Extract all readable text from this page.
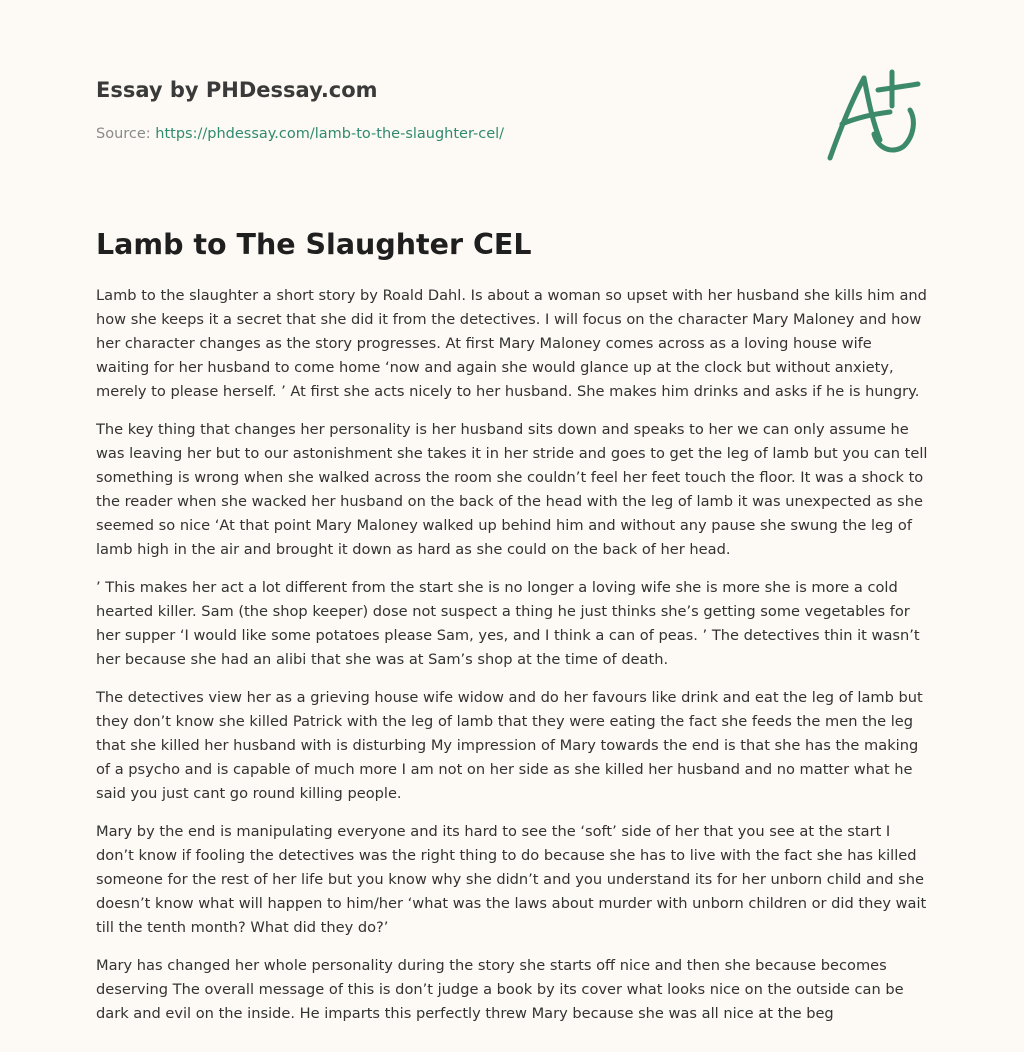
Essay by PHDessay.com
Source: https://phdessay.com/lamb-to-the-slaughter-cel/
Lamb to The Slaughter CEL

Lamb to the slaughter a short story by Roald Dahl. Is about a woman so upset with her husband she kills him and how she keeps it a secret that she did it from the detectives. I will focus on the character Mary Maloney and how her character changes as the story progresses. At first Mary Maloney comes across as a loving house wife waiting for her husband to come home ‘now and again she would glance up at the clock but without anxiety, merely to please herself. ’ At first she acts nicely to her husband. She makes him drinks and asks if he is hungry.

The key thing that changes her personality is her husband sits down and speaks to her we can only assume he was leaving her but to our astonishment she takes it in her stride and goes to get the leg of lamb but you can tell something is wrong when she walked across the room she couldn’t feel her feet touch the floor. It was a shock to the reader when she wacked her husband on the back of the head with the leg of lamb it was unexpected as she seemed so nice ‘At that point Mary Maloney walked up behind him and without any pause she swung the leg of lamb high in the air and brought it down as hard as she could on the back of her head.

’ This makes her act a lot different from the start she is no longer a loving wife she is more she is more a cold hearted killer. Sam (the shop keeper) dose not suspect a thing he just thinks she’s getting some vegetables for her supper ‘I would like some potatoes please Sam, yes, and I think a can of peas. ’ The detectives thin it wasn’t her because she had an alibi that she was at Sam’s shop at the time of death.

The detectives view her as a grieving house wife widow and do her favours like drink and eat the leg of lamb but they don’t know she killed Patrick with the leg of lamb that they were eating the fact she feeds the men the leg that she killed her husband with is disturbing My impression of Mary towards the end is that she has the making of a psycho and is capable of much more I am not on her side as she killed her husband and no matter what he said you just cant go round killing people.

Mary by the end is manipulating everyone and its hard to see the ‘soft’ side of her that you see at the start I don’t know if fooling the detectives was the right thing to do because she has to live with the fact she has killed someone for the rest of her life but you know why she didn’t and you understand its for her unborn child and she doesn’t know what will happen to him/her ‘what was the laws about murder with unborn children or did they wait till the tenth month? What did they do?’

Mary has changed her whole personality during the story she starts off nice and then she because becomes deserving The overall message of this is don’t judge a book by its cover what looks nice on the outside can be dark and evil on the inside. He imparts this perfectly threw Mary because she was all nice at the beg
